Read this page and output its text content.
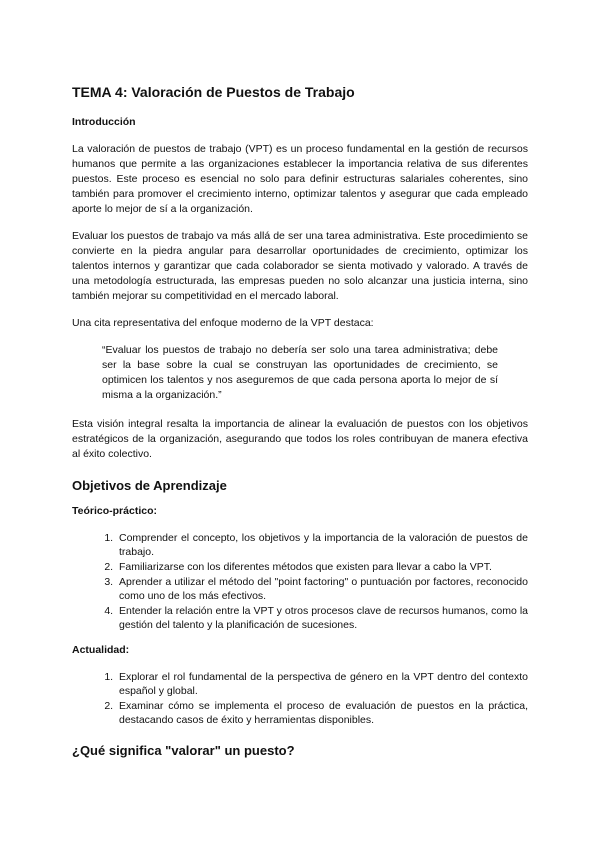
TEMA 4: Valoración de Puestos de Trabajo
Introducción

La valoración de puestos de trabajo (VPT) es un proceso fundamental en la gestión de recursos humanos que permite a las organizaciones establecer la importancia relativa de sus diferentes puestos. Este proceso es esencial no solo para definir estructuras salariales coherentes, sino también para promover el crecimiento interno, optimizar talentos y asegurar que cada empleado aporte lo mejor de sí a la organización.

Evaluar los puestos de trabajo va más allá de ser una tarea administrativa. Este procedimiento se convierte en la piedra angular para desarrollar oportunidades de crecimiento, optimizar los talentos internos y garantizar que cada colaborador se sienta motivado y valorado. A través de una metodología estructurada, las empresas pueden no solo alcanzar una justicia interna, sino también mejorar su competitividad en el mercado laboral.

Una cita representativa del enfoque moderno de la VPT destaca:

“Evaluar los puestos de trabajo no debería ser solo una tarea administrativa; debe ser la base sobre la cual se construyan las oportunidades de crecimiento, se optimicen los talentos y nos aseguremos de que cada persona aporta lo mejor de sí misma a la organización.”

Esta visión integral resalta la importancia de alinear la evaluación de puestos con los objetivos estratégicos de la organización, asegurando que todos los roles contribuyan de manera efectiva al éxito colectivo.

Objetivos de Aprendizaje
Teórico-práctico:
1. Comprender el concepto, los objetivos y la importancia de la valoración de puestos de trabajo.
2. Familiarizarse con los diferentes métodos que existen para llevar a cabo la VPT.
3. Aprender a utilizar el método del "point factoring" o puntuación por factores, reconocido como uno de los más efectivos.
4. Entender la relación entre la VPT y otros procesos clave de recursos humanos, como la gestión del talento y la planificación de sucesiones.
Actualidad:
1. Explorar el rol fundamental de la perspectiva de género en la VPT dentro del contexto español y global.
2. Examinar cómo se implementa el proceso de evaluación de puestos en la práctica, destacando casos de éxito y herramientas disponibles.
¿Qué significa "valorar" un puesto?
